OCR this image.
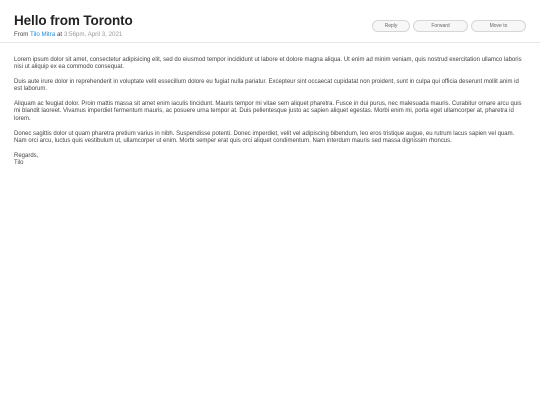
Hello from Toronto
From Tilo Mitra at 3:56pm, April 3, 2021
Reply	Forward	Move to

Lorem ipsum dolor sit amet, consectetur adipisicing elit, sed do eiusmod tempor incididunt ut labore et dolore magna aliqua. Ut enim ad minim veniam, quis nostrud exercitation ullamco laboris nisi ut aliquip ex ea commodo consequat.

Duis aute irure dolor in reprehenderit in voluptate velit essecillum dolore eu fugiat nulla pariatur. Excepteur sint occaecat cupidatat non proident, sunt in culpa qui officia deserunt mollit anim id est laborum.

Aliquam ac feugiat dolor. Proin mattis massa sit amet enim iaculis tincidunt. Mauris tempor mi vitae sem aliquet pharetra. Fusce in dui purus, nec malesuada mauris. Curabitur ornare arcu quis mi blandit laoreet. Vivamus imperdiet fermentum mauris, ac posuere urna tempor at. Duis pellentesque justo ac sapien aliquet egestas. Morbi enim mi, porta eget ullamcorper at, pharetra id lorem.

Donec sagittis dolor ut quam pharetra pretium varius in nibh. Suspendisse potenti. Donec imperdiet, velit vel adipiscing bibendum, leo eros tristique augue, eu rutrum lacus sapien vel quam. Nam orci arcu, luctus quis vestibulum ut, ullamcorper ut enim. Morbi semper erat quis orci aliquet condimentum. Nam interdum mauris sed massa dignissim rhoncus.

Regards,
Tilo
